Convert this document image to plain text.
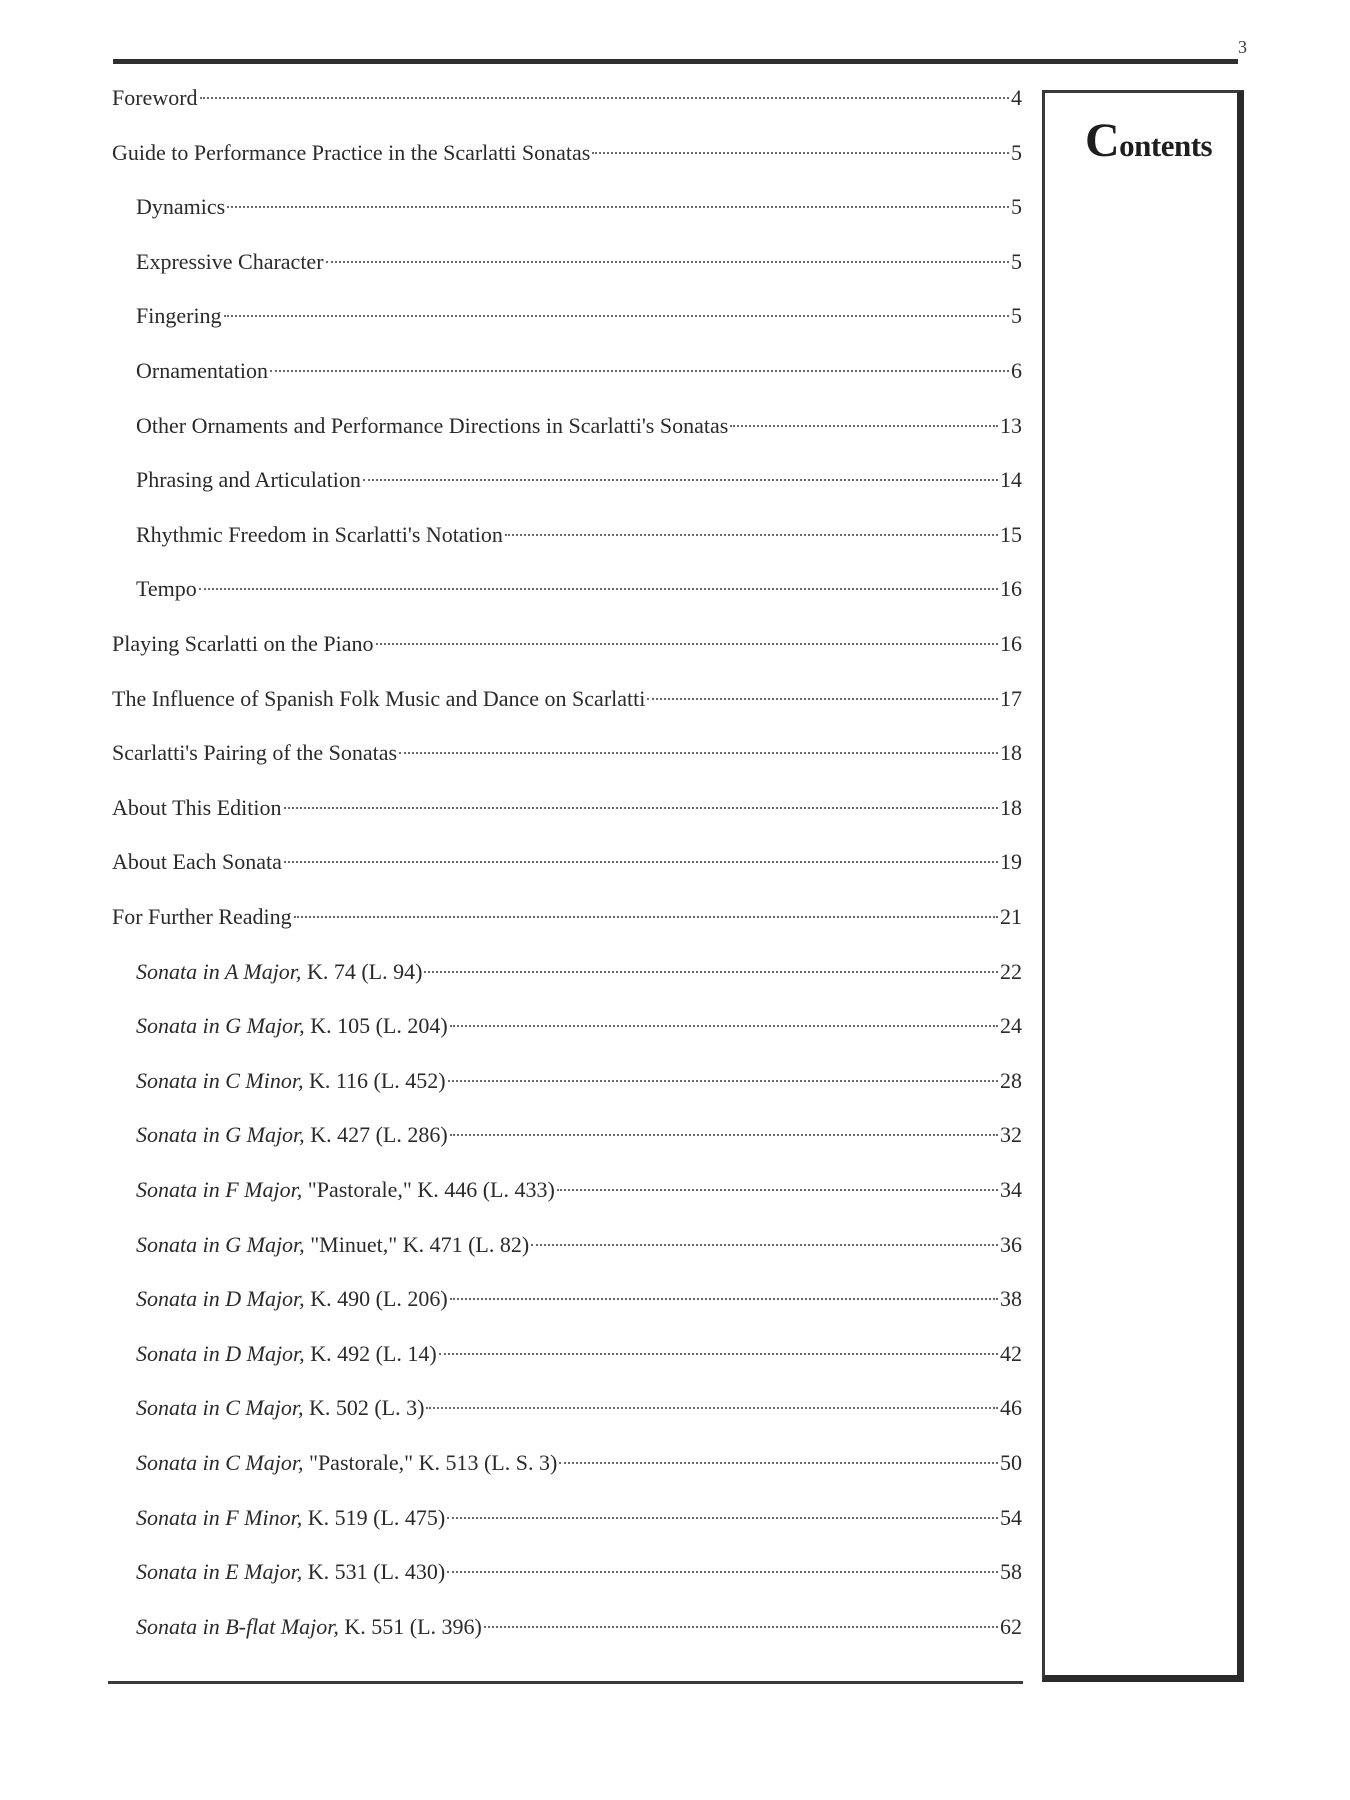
3
Foreword	4
Guide to Performance Practice in the Scarlatti Sonatas	5
Dynamics	5
Expressive Character	5
Fingering	5
Ornamentation	6
Other Ornaments and Performance Directions in Scarlatti's Sonatas	13
Phrasing and Articulation	14
Rhythmic Freedom in Scarlatti's Notation	15
Tempo	16
Playing Scarlatti on the Piano	16
The Influence of Spanish Folk Music and Dance on Scarlatti	17
Scarlatti's Pairing of the Sonatas	18
About This Edition	18
About Each Sonata	19
For Further Reading	21
Sonata in A Major, K. 74 (L. 94)	22
Sonata in G Major, K. 105 (L. 204)	24
Sonata in C Minor, K. 116 (L. 452)	28
Sonata in G Major, K. 427 (L. 286)	32
Sonata in F Major, "Pastorale," K. 446 (L. 433)	34
Sonata in G Major, "Minuet," K. 471 (L. 82)	36
Sonata in D Major, K. 490 (L. 206)	38
Sonata in D Major, K. 492 (L. 14)	42
Sonata in C Major, K. 502 (L. 3)	46
Sonata in C Major, "Pastorale," K. 513 (L. S. 3)	50
Sonata in F Minor, K. 519 (L. 475)	54
Sonata in E Major, K. 531 (L. 430)	58
Sonata in B-flat Major, K. 551 (L. 396)	62
Contents
